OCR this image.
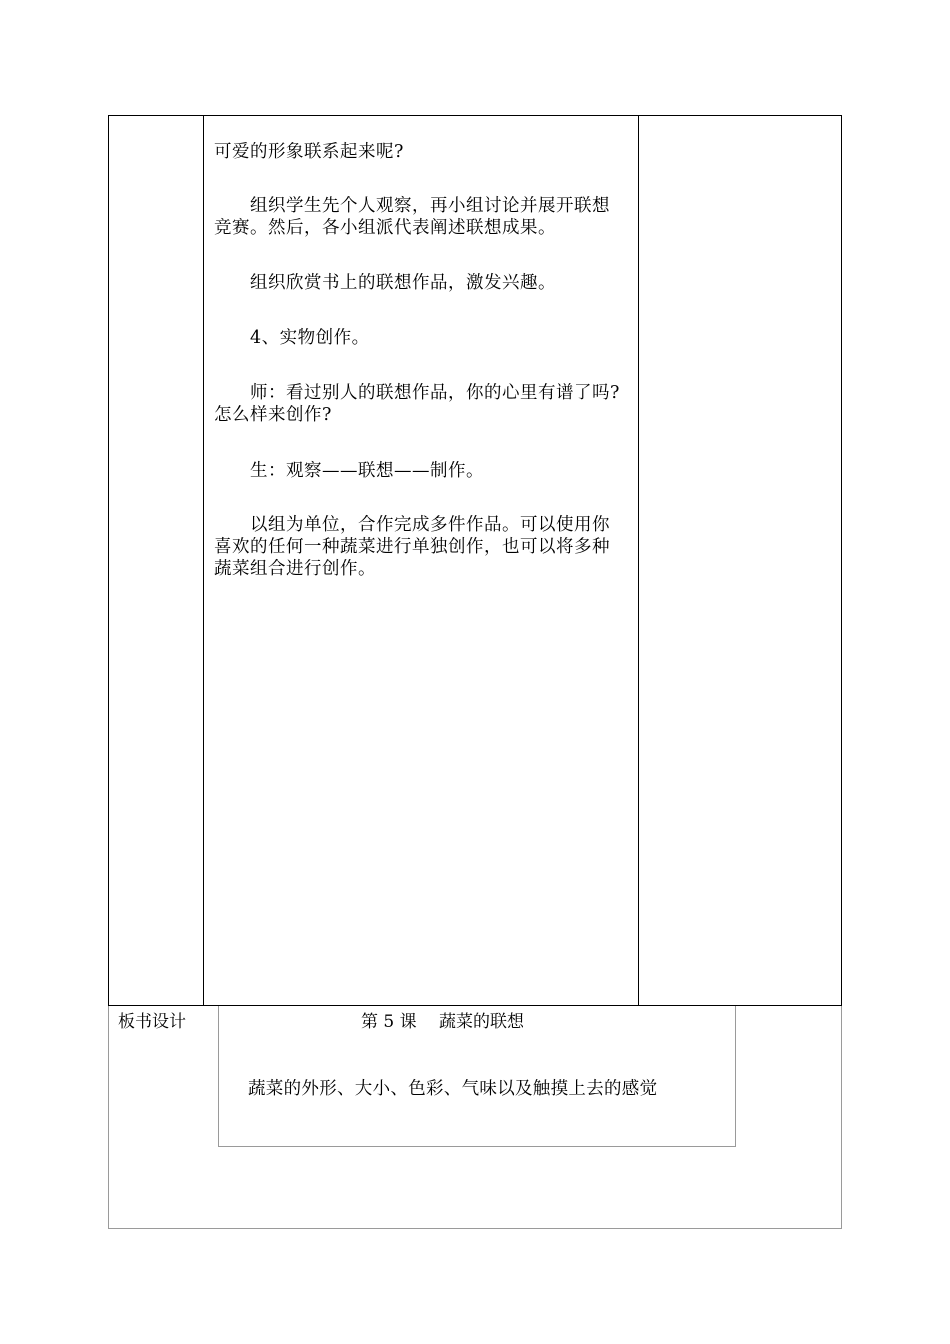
可爱的形象联系起来呢?
　　组织学生先个人观察，再小组讨论并展开联想竞赛。然后，各小组派代表阐述联想成果。
　　组织欣赏书上的联想作品，激发兴趣。
　　4、实物创作。
　　师：看过别人的联想作品，你的心里有谱了吗?怎么样来创作?
　　生：观察——联想——制作。
　　以组为单位，合作完成多件作品。可以使用你喜欢的任何一种蔬菜进行单独创作，也可以将多种蔬菜组合进行创作。
板书设计	第 5 课　 蔬菜的联想
蔬菜的外形、大小、色彩、气味以及触摸上去的感觉
